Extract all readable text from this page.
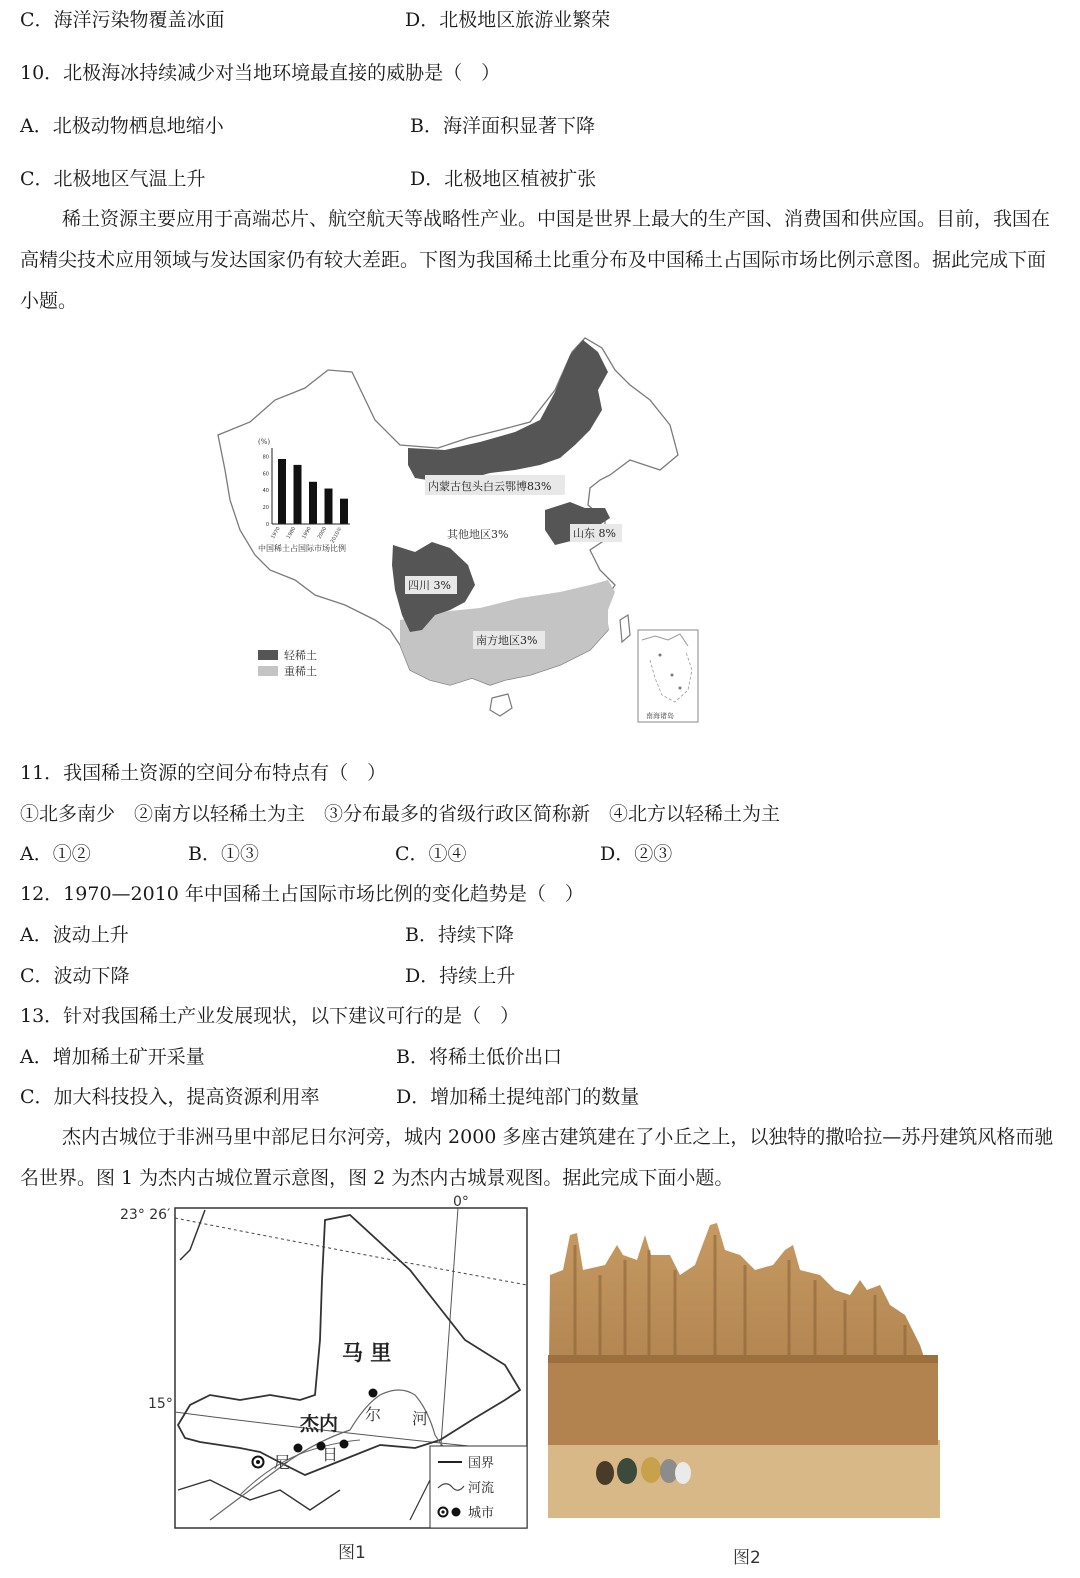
C．海洋污染物覆盖冰面	D．北极地区旅游业繁荣
10．北极海冰持续减少对当地环境最直接的威胁是（　）
A．北极动物栖息地缩小	B．海洋面积显著下降
C．北极地区气温上升	D．北极地区植被扩张
稀土资源主要应用于高端芯片、航空航天等战略性产业。中国是世界上最大的生产国、消费国和供应国。目前，我国在高精尖技术应用领域与发达国家仍有较大差距。下图为我国稀土比重分布及中国稀土占国际市场比例示意图。据此完成下面小题。
内蒙古包头白云鄂博83%
其他地区3%	山东 8%
四川 3%
南方地区3%
(%)
0
20
40
60
80
1970 1980 1990 2000 2010年
中国稀土占国际市场比例
轻稀土
重稀土
南海诸岛
11．我国稀土资源的空间分布特点有（　）
①北多南少　②南方以轻稀土为主　③分布最多的省级行政区简称新　④北方以轻稀土为主
A．①②	B．①③	C．①④	D．②③
12．1970—2010 年中国稀土占国际市场比例的变化趋势是（　）
A．波动上升	B．持续下降
C．波动下降	D．持续上升
13．针对我国稀土产业发展现状，以下建议可行的是（　）
A．增加稀土矿开采量	B．将稀土低价出口
C．加大科技投入，提高资源利用率	D．增加稀土提纯部门的数量
杰内古城位于非洲马里中部尼日尔河旁，城内 2000 多座古建筑建在了小丘之上，以独特的撒哈拉—苏丹建筑风格而驰名世界。图 1 为杰内古城位置示意图，图 2 为杰内古城景观图。据此完成下面小题。
23° 26′
0°
15°
马 里
杰内 尔 河
尼 日	国界
河流
城市
图1	图2
